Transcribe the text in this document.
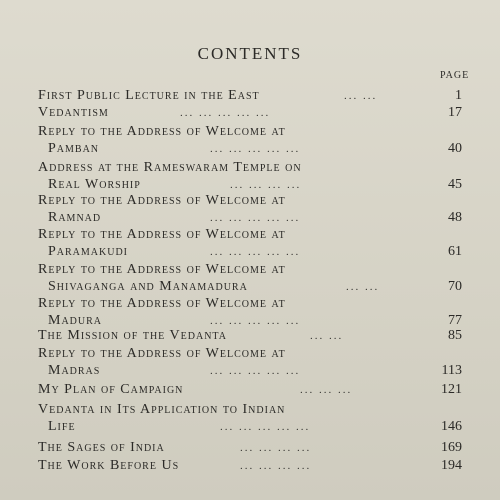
CONTENTS
PAGE
First Public Lecture in the East	... ...	1
Vedantism	... ... ... ... ...	17
Reply to the Address of Welcome at
Pamban	... ... ... ... ...	40
Address at the Rameswaram Temple on
Real Worship	... ... ... ...	45
Reply to the Address of Welcome at
Ramnad	... ... ... ... ...	48
Reply to the Address of Welcome at
Paramakudi	... ... ... ... ...	61
Reply to the Address of Welcome at
Shivaganga and Manamadura	... ...	70
Reply to the Address of Welcome at
Madura	... ... ... ... ...	77
The Mission of the Vedanta	... ...	85
Reply to the Address of Welcome at
Madras	... ... ... ... ...	113
My Plan of Campaign	... ... ...	121
Vedanta in Its Application to Indian
Life	... ... ... ... ...	146
The Sages of India	... ... ... ...	169
The Work Before Us	... ... ... ...	194
